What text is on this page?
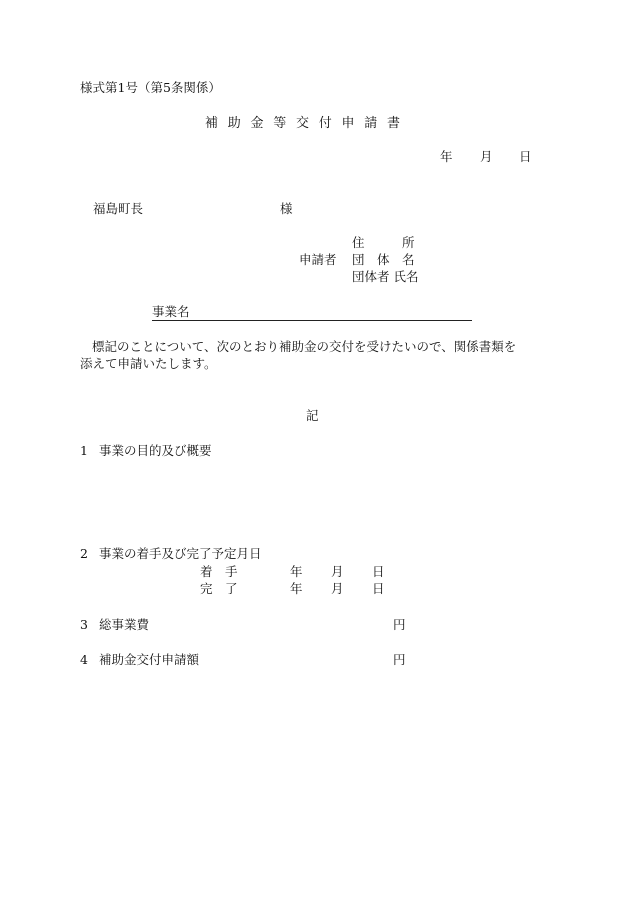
様式第1号（第5条関係）
補助金等交付申請書
年 月 日
福島町長	様
住　　　所
申請者 団　体　名
団体者 氏名
事業名
標記のことについて、次のとおり補助金の交付を受けたいので、関係書類を
添えて申請いたします。
記
1 事業の目的及び概要
2 事業の着手及び完了予定月日
着　手	年 月 日
完　了	年 月 日
3 総事業費	円
4 補助金交付申請額	円
